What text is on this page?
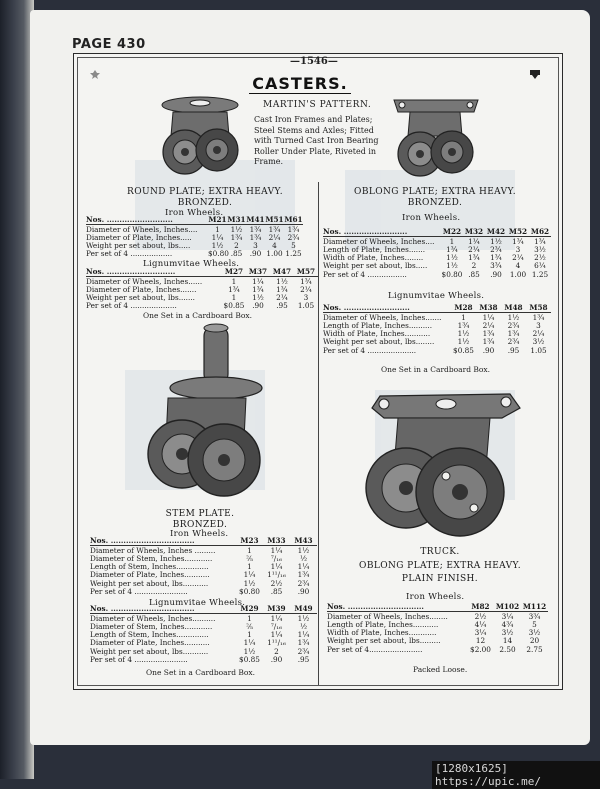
PAGE 430
—1546—
CASTERS.
MARTIN'S PATTERN.
Cast Iron Frames and Plates; Steel Stems and Axles; Fitted with Turned Cast Iron Bearing Roller Under Plate, Riveted in Frame.
ROUND PLATE; EXTRA HEAVY.
BRONZED.
Iron Wheels.
Nos. ..........................	M21 M31 M41 M51 M61
Diameter of Wheels, Inches....	1	1½ 1¾ 1¾ 1¾
Diameter of Plate, Inches.....	1¼ 1¾ 1¾ 2¼ 2¾
Weight per set about, lbs.....	1½	2	3	4	5
Per set of 4 ..................	$0.80 .85	.90 1.00 1.25
Lignumvitae Wheels.
Nos. ...........................	M27 M37 M47 M57
Diameter of Wheels, Inches......	1	1¼	1½	1¾
Diameter of Plate, Inches.......	1¾	1¾	1¾	2¼
Weight per set about, lbs.......	1	1½	2¼	3
Per set of 4 ....................	$0.85	.90	.95	1.05
One Set in a Cardboard Box.
OBLONG PLATE; EXTRA HEAVY.
BRONZED.
Iron Wheels.
Nos. .........................	M22 M32 M42 M52 M62
Diameter of Wheels, Inches....	1	1¼	1½	1¾	1¾
Length of Plate, Inches.......	1¾	2¼	2¾	3	3½
Width of Plate, Inches........	1½	1¾	1¾	2¼	2½
Weight per set about, lbs.....	1½	2	3¾	4	6¼
Per set of 4 .................	$0.80 .85	.90	1.00 1.25
Lignumvitae Wheels.
Nos. ..........................	M28 M38 M48 M58
Diameter of Wheels, Inches.......	1	1¼	1½	1¾
Length of Plate, Inches..........	1¾	2¼	2¾	3
Width of Plate, Inches...........	1½	1¾	1¾	2¼
Weight per set about, lbs........	1½	1¾	2¾	3½
Per set of 4 .....................	$0.85	.90	.95	1.05
One Set in a Cardboard Box.
STEM PLATE.
BRONZED.
Iron Wheels.
Nos. .................................	M23	M33	M43
Diameter of Wheels, Inches .........	1	1¼	1½
Diameter of Stem, Inches............	⅖	⁷/₁₆	½
Length of Stem, Inches..............	1	1¼	1¼
Diameter of Plate, Inches...........	1¼	1¹¹/₁₆	1¾
Weight per set about, lbs...........	1½	2½	2¾
Per set of 4 .......................	$0.80	.85	.90
Lignumvitae Wheels.
Nos. .................................	M29	M39	M49
Diameter of Wheels, Inches..........	1	1¼	1½
Diameter of Stem, Inches............	⅖	⁷/₁₆	½
Length of Stem, Inches..............	1	1¼	1¼
Diameter of Plate, Inches...........	1¼	1¹¹/₁₆	1¾
Weight per set about, lbs...........	1½	2	2¾
Per set of 4 .......................	$0.85	.90	.95
One Set in a Cardboard Box.
TRUCK.
OBLONG PLATE; EXTRA HEAVY.
PLAIN FINISH.
Iron Wheels.
Nos. ..............................	M82 M102 M112
Diameter of Wheels, Inches........	2½	3¼	3¾
Length of Plate, Inches...........	4¼	4¾	5
Width of Plate, Inches............	3¼	3½	3½
Weight per set about, lbs.........	12	14	20
Per set of 4.......................	$2.00	2.50	2.75
Packed Loose.
[1280x1625] https://upic.me/
